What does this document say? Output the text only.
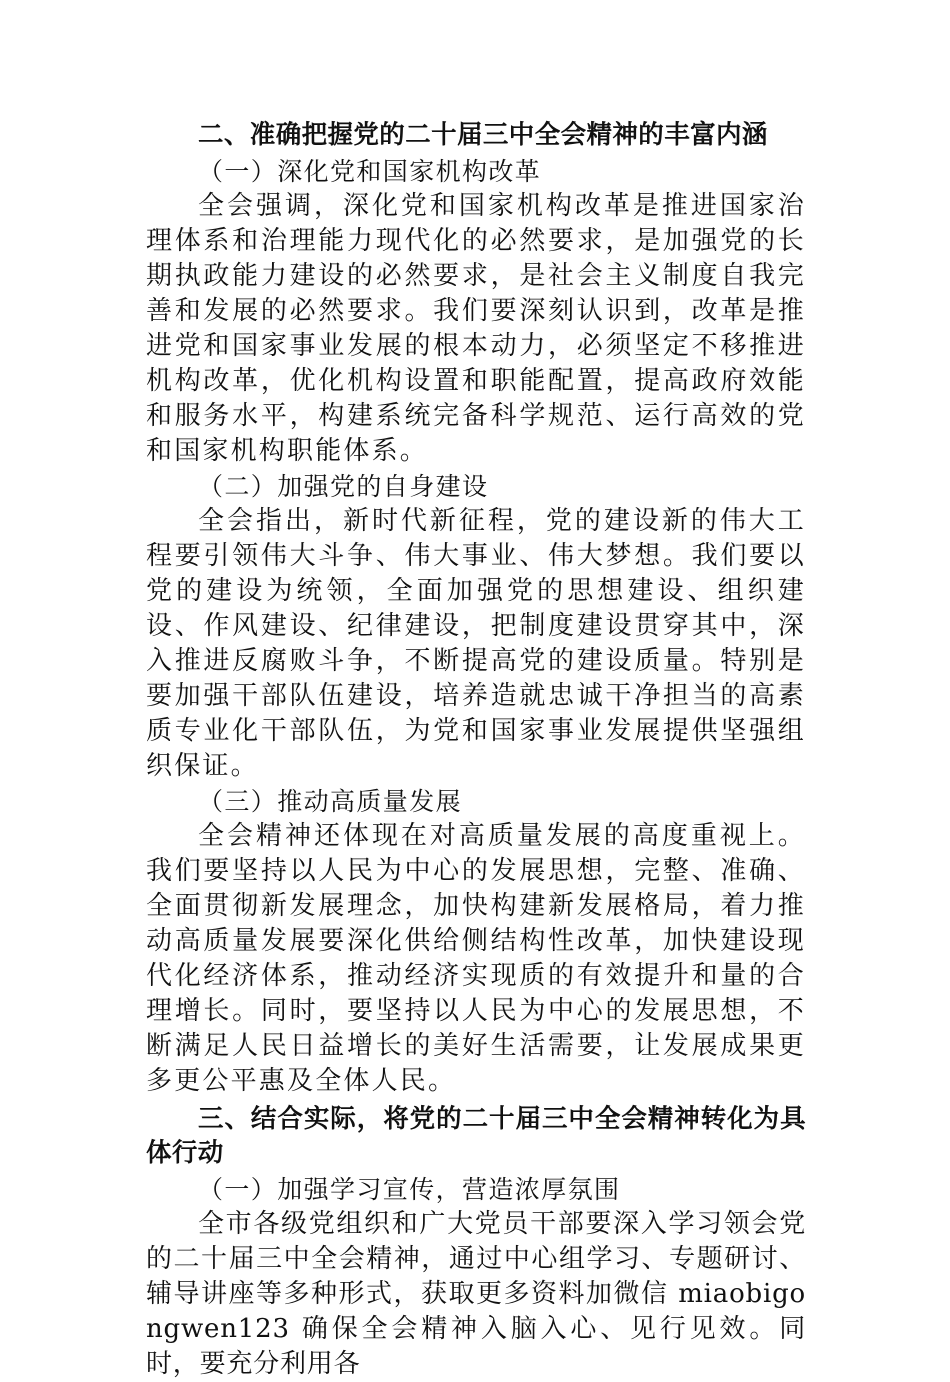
二、准确把握党的二十届三中全会精神的丰富内涵

（一）深化党和国家机构改革

全会强调，深化党和国家机构改革是推进国家治理体系和治理能力现代化的必然要求，是加强党的长期执政能力建设的必然要求，是社会主义制度自我完善和发展的必然要求。我们要深刻认识到，改革是推进党和国家事业发展的根本动力，必须坚定不移推进机构改革，优化机构设置和职能配置，提高政府效能和服务水平，构建系统完备科学规范、运行高效的党和国家机构职能体系。

（二）加强党的自身建设

全会指出，新时代新征程，党的建设新的伟大工程要引领伟大斗争、伟大事业、伟大梦想。我们要以党的建设为统领，全面加强党的思想建设、组织建设、作风建设、纪律建设，把制度建设贯穿其中，深入推进反腐败斗争，不断提高党的建设质量。特别是要加强干部队伍建设，培养造就忠诚干净担当的高素质专业化干部队伍，为党和国家事业发展提供坚强组织保证。

（三）推动高质量发展

全会精神还体现在对高质量发展的高度重视上。我们要坚持以人民为中心的发展思想，完整、准确、全面贯彻新发展理念，加快构建新发展格局，着力推动高质量发展要深化供给侧结构性改革，加快建设现代化经济体系，推动经济实现质的有效提升和量的合理增长。同时，要坚持以人民为中心的发展思想，不断满足人民日益增长的美好生活需要，让发展成果更多更公平惠及全体人民。

三、结合实际，将党的二十届三中全会精神转化为具体行动

（一）加强学习宣传，营造浓厚氛围

全市各级党组织和广大党员干部要深入学习领会党的二十届三中全会精神，通过中心组学习、专题研讨、辅导讲座等多种形式，获取更多资料加微信 miaobigongwen123 确保全会精神入脑入心、见行见效。同时，要充分利用各
